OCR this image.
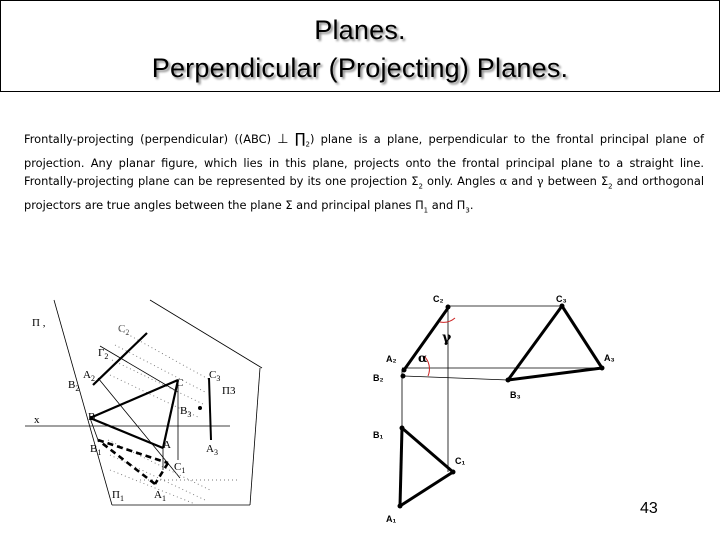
Planes.
Perpendicular (Projecting) Planes.

Frontally-projecting (perpendicular) ((ABC) ⊥ $\prod_2$) plane is a plane, perpendicular to the frontal principal plane of projection. Any planar figure, which lies in this plane, projects onto the frontal principal plane to a straight line. Frontally-projecting plane can be represented by its one projection $\Sigma_2$ only. Angles α and γ between $\Sigma_2$ and orthogonal projectors are true angles between the plane Σ and principal planes $\Pi_1$ and $\Pi_3$.

Π ,
$\Gamma_2$
$C_2$
$A_2$
$B_2$	C
$C_3$
П3
x	B	$B_3$
$B_1$
A	$A_3$
$C_1$
$П_1$	$A_1$
C₂	C₃
γ
A₂ α	A₃
B₂
B₃
B₁
C₁
A₁
43
